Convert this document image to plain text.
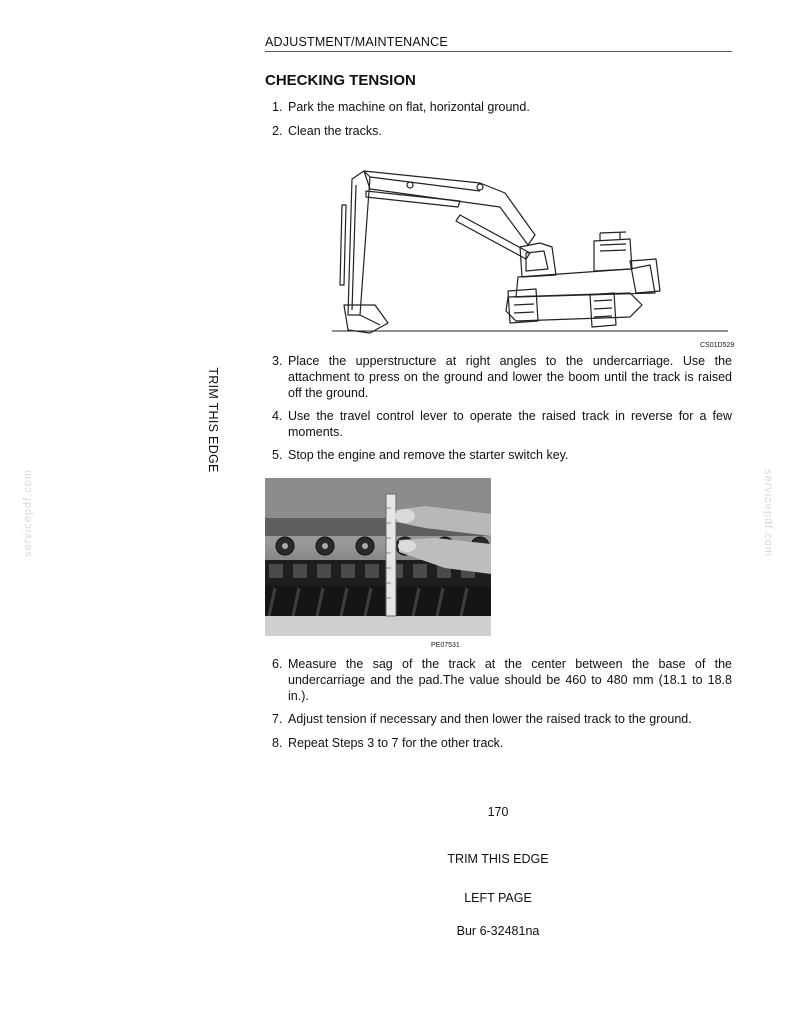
ADJUSTMENT/MAINTENANCE
CHECKING TENSION
1. Park the machine on flat, horizontal ground.
2. Clean the tracks.
CS01D529
3. Place the upperstructure at right angles to the undercarriage. Use the attachment to press on the ground and lower the boom until the track is raised off the ground.
4. Use the travel control lever to operate the raised track in reverse for a few moments.
5. Stop the engine and remove the starter switch key.
PE07531
6. Measure the sag of the track at the center between the base of the undercarriage and the pad.The value should be 460 to 480 mm (18.1 to 18.8 in.).
7. Adjust tension if necessary and then lower the raised track to the ground.
8. Repeat Steps 3 to 7 for the other track.
TRIM THIS EDGE
servicepdf.com	servicepdf.com
170
TRIM THIS EDGE
LEFT PAGE
Bur 6-32481na
